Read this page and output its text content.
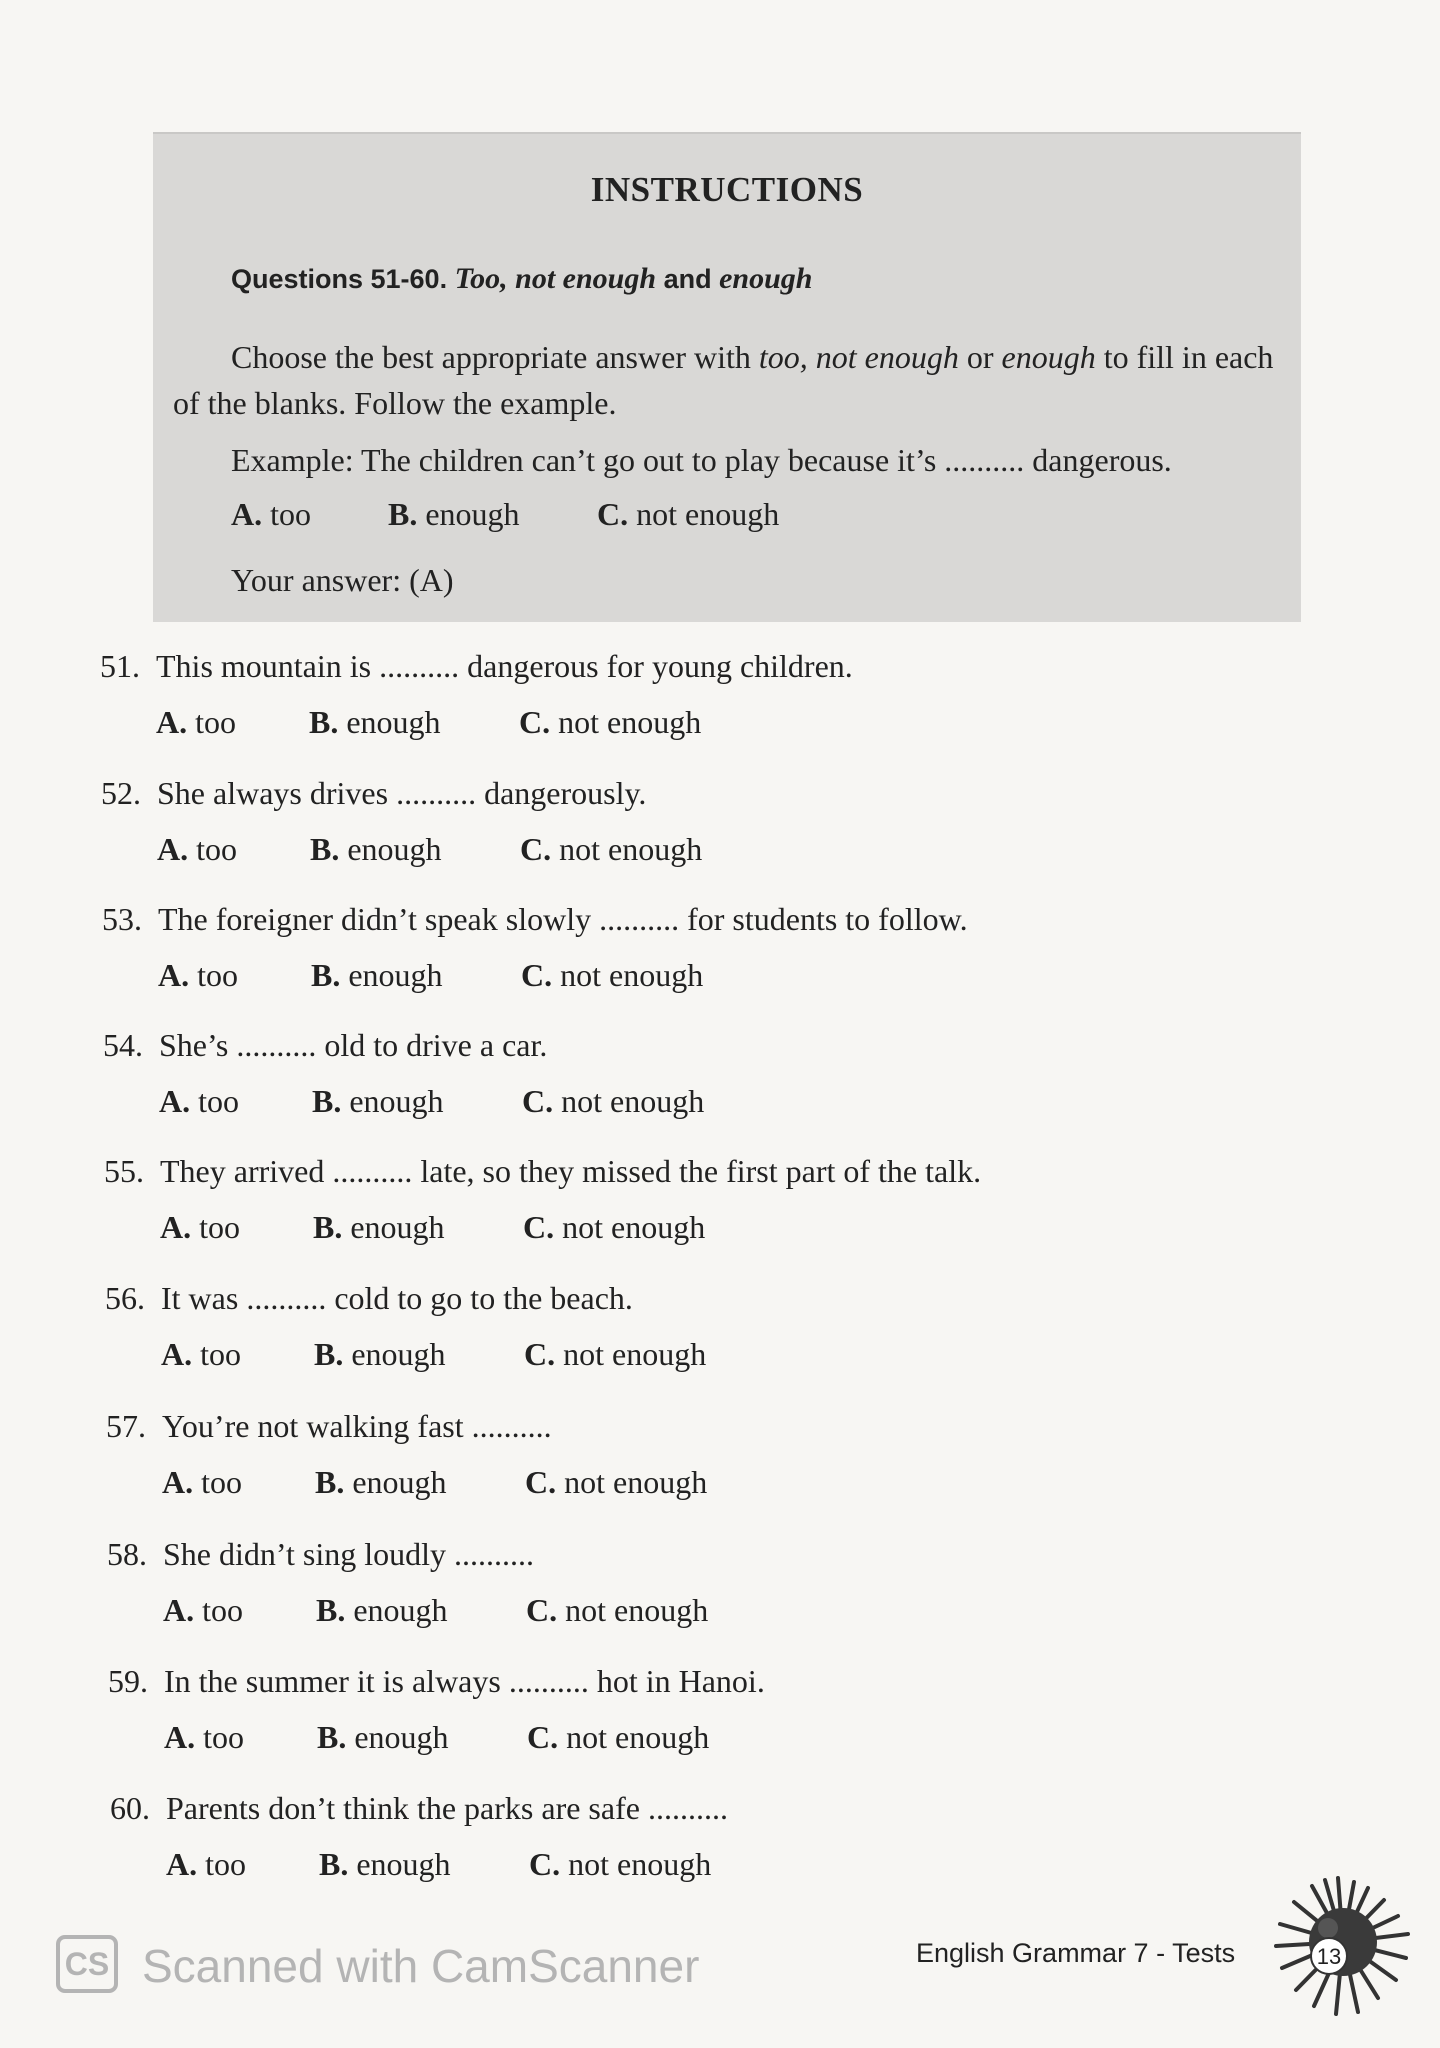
INSTRUCTIONS
Questions 51-60. Too, not enough and enough
Choose the best appropriate answer with too, not enough or enough to fill in each of the blanks. Follow the example.
Example: The children can’t go out to play because it’s .......... dangerous.
A. too B. enough C. not enough
Your answer: (A)
51. This mountain is .......... dangerous for young children.
A. too B. enough C. not enough
52. She always drives .......... dangerously.
A. too B. enough C. not enough
53. The foreigner didn’t speak slowly .......... for students to follow.
A. too B. enough C. not enough
54. She’s .......... old to drive a car.
A. too B. enough C. not enough
55. They arrived .......... late, so they missed the first part of the talk.
A. too B. enough C. not enough
56. It was .......... cold to go to the beach.
A. too B. enough C. not enough
57. You’re not walking fast ..........
A. too B. enough C. not enough
58. She didn’t sing loudly ..........
A. too B. enough C. not enough
59. In the summer it is always .......... hot in Hanoi.
A. too B. enough C. not enough
60. Parents don’t think the parks are safe ..........
A. too B. enough C. not enough
CS Scanned with CamScanner	English Grammar 7 - Tests	13
